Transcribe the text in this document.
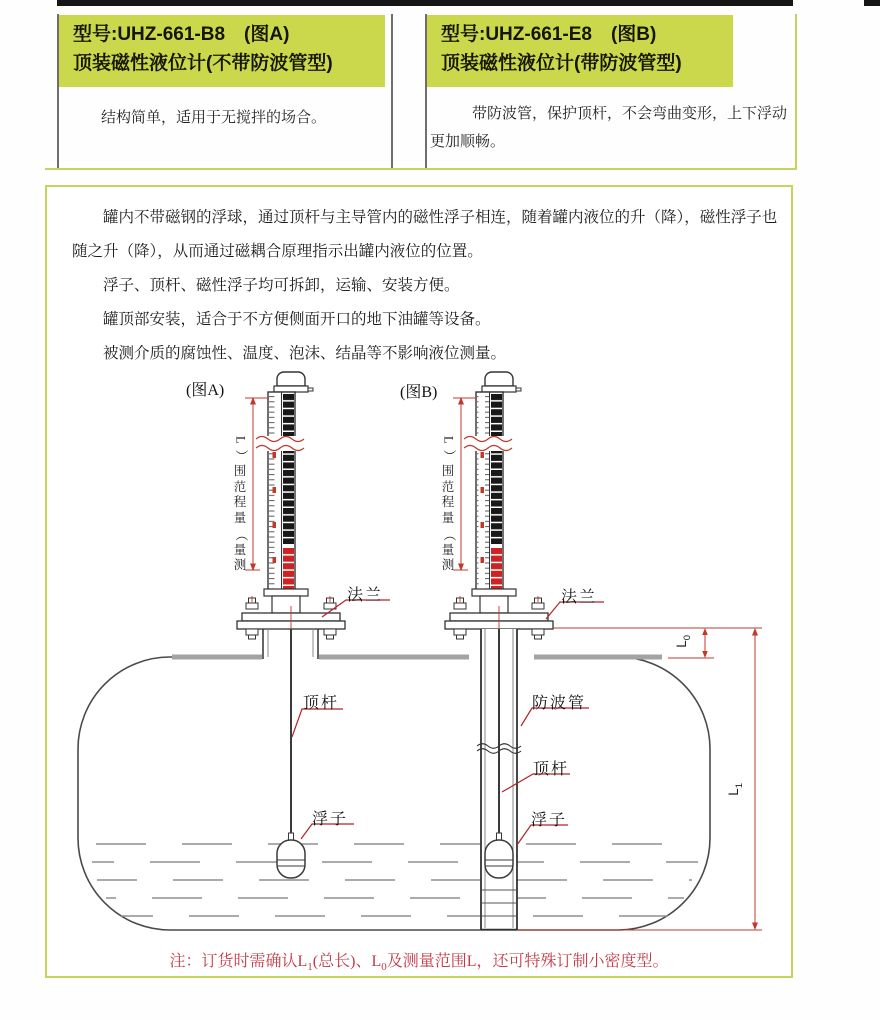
型号:UHZ-661-B8　(图A)
顶装磁性液位计(不带防波管型)
结构简单，适用于无搅拌的场合。
型号:UHZ-661-E8　(图B)
顶装磁性液位计(带防波管型)
带防波管，保护顶杆，不会弯曲变形，上下浮动更加顺畅。

罐内不带磁钢的浮球，通过顶杆与主导管内的磁性浮子相连，随着罐内液位的升（降），磁性浮子也随之升（降），从而通过磁耦合原理指示出罐内液位的位置。

浮子、顶杆、磁性浮子均可拆卸，运输、安装方便。

罐顶部安装，适合于不方便侧面开口的地下油罐等设备。

被测介质的腐蚀性、温度、泡沫、结晶等不影响液位测量。

(图A)	(图B)
测
量
（
量
程
范
围
）
L
测
量
（
量
程
范
围
）
L
法兰	法兰
顶杆
浮子
防波管
顶杆
浮子
$L_0$
$L_1$
注：订货时需确认$L_1$(总长)、$L_0$及测量范围L，还可特殊订制小密度型。
